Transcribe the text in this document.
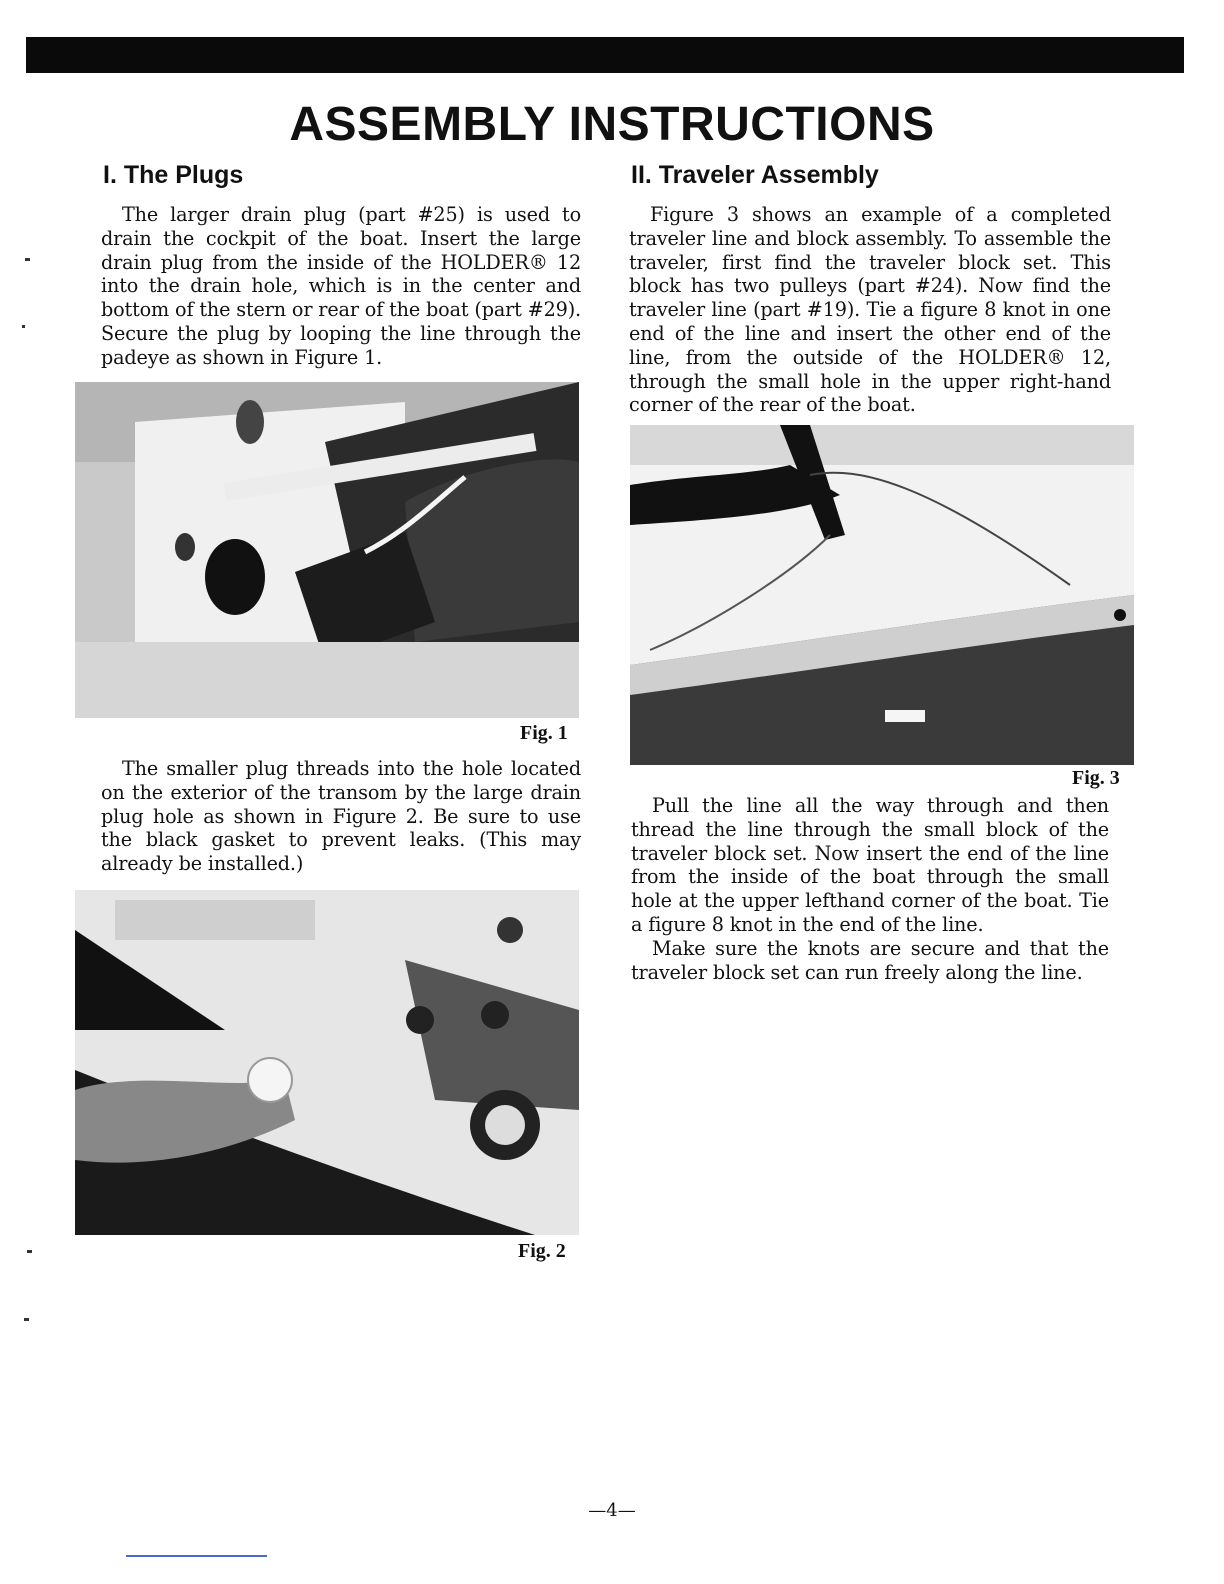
ASSEMBLY INSTRUCTIONS
I. The Plugs

The larger drain plug (part #25) is used to drain the cockpit of the boat. Insert the large drain plug from the inside of the HOLDER® 12 into the drain hole, which is in the center and bottom of the stern or rear of the boat (part #29). Secure the plug by looping the line through the padeye as shown in Figure 1.

Fig. 1

The smaller plug threads into the hole located on the exterior of the transom by the large drain plug hole as shown in Figure 2. Be sure to use the black gasket to prevent leaks. (This may already be installed.)

Fig. 2
II. Traveler Assembly

Figure 3 shows an example of a completed traveler line and block assembly. To assemble the traveler, first find the traveler block set. This block has two pulleys (part #24). Now find the traveler line (part #19). Tie a figure 8 knot in one end of the line and insert the other end of the line, from the outside of the HOLDER® 12, through the small hole in the upper right-hand corner of the rear of the boat.

Fig. 3

Pull the line all the way through and then thread the line through the small block of the traveler block set. Now insert the end of the line from the inside of the boat through the small hole at the upper lefthand corner of the boat. Tie a figure 8 knot in the end of the line.

Make sure the knots are secure and that the traveler block set can run freely along the line.

—4—
